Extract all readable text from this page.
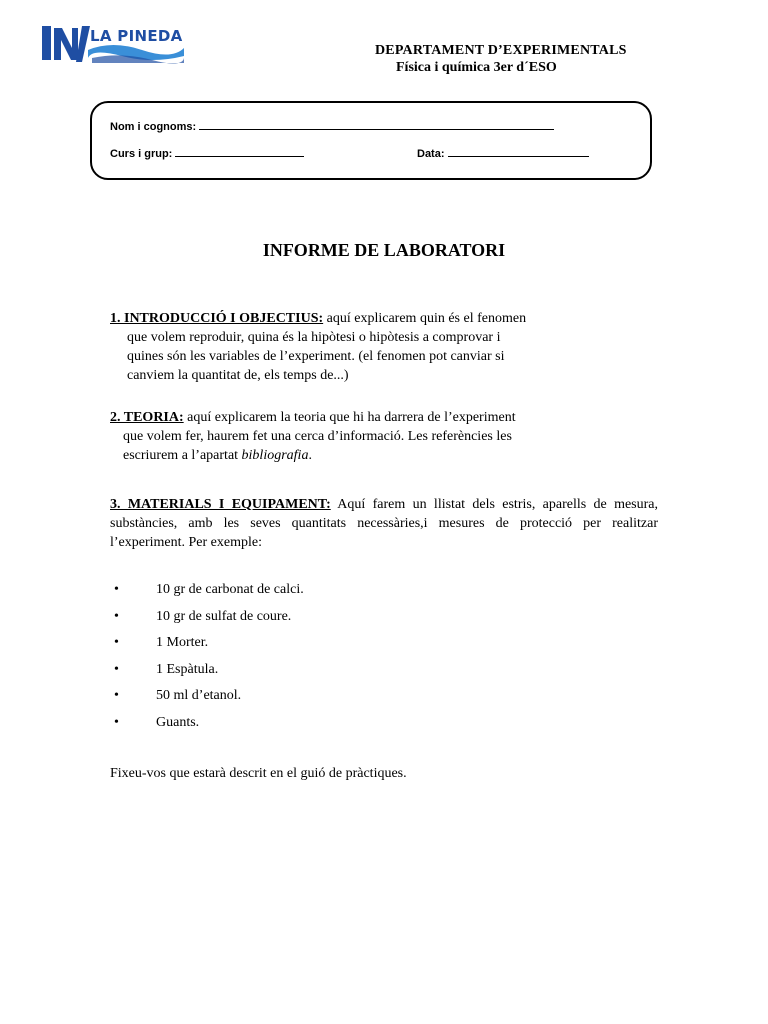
LA PINEDA
SALESIANS	DEPARTAMENT D’EXPERIMENTALS
Física i química 3er d´ESO
Nom i cognoms:
Curs i grup:	Data:
INFORME DE LABORATORI
1. INTRODUCCIÓ I OBJECTIUS: aquí explicarem quin és el fenomen
que volem reproduir, quina és la hipòtesi o hipòtesis a comprovar i
quines són les variables de l’experiment. (el fenomen pot canviar si
canviem la quantitat de, els temps de...)
2. TEORIA: aquí explicarem la teoria que hi ha darrera de l’experiment
que volem fer, haurem fet una cerca d’informació. Les referències les
escriurem a l’apartat bibliografia.
3. MATERIALS I EQUIPAMENT: Aquí farem un llistat dels estris, aparells de mesura, substàncies, amb les seves quantitats necessàries,i mesures de protecció per realitzar l’experiment. Per exemple:
•	10 gr de carbonat de calci.
•	10 gr de sulfat de coure.
•	1 Morter.
•	1 Espàtula.
•	50 ml d’etanol.
•	Guants.
Fixeu-vos que estarà descrit en el guió de pràctiques.
